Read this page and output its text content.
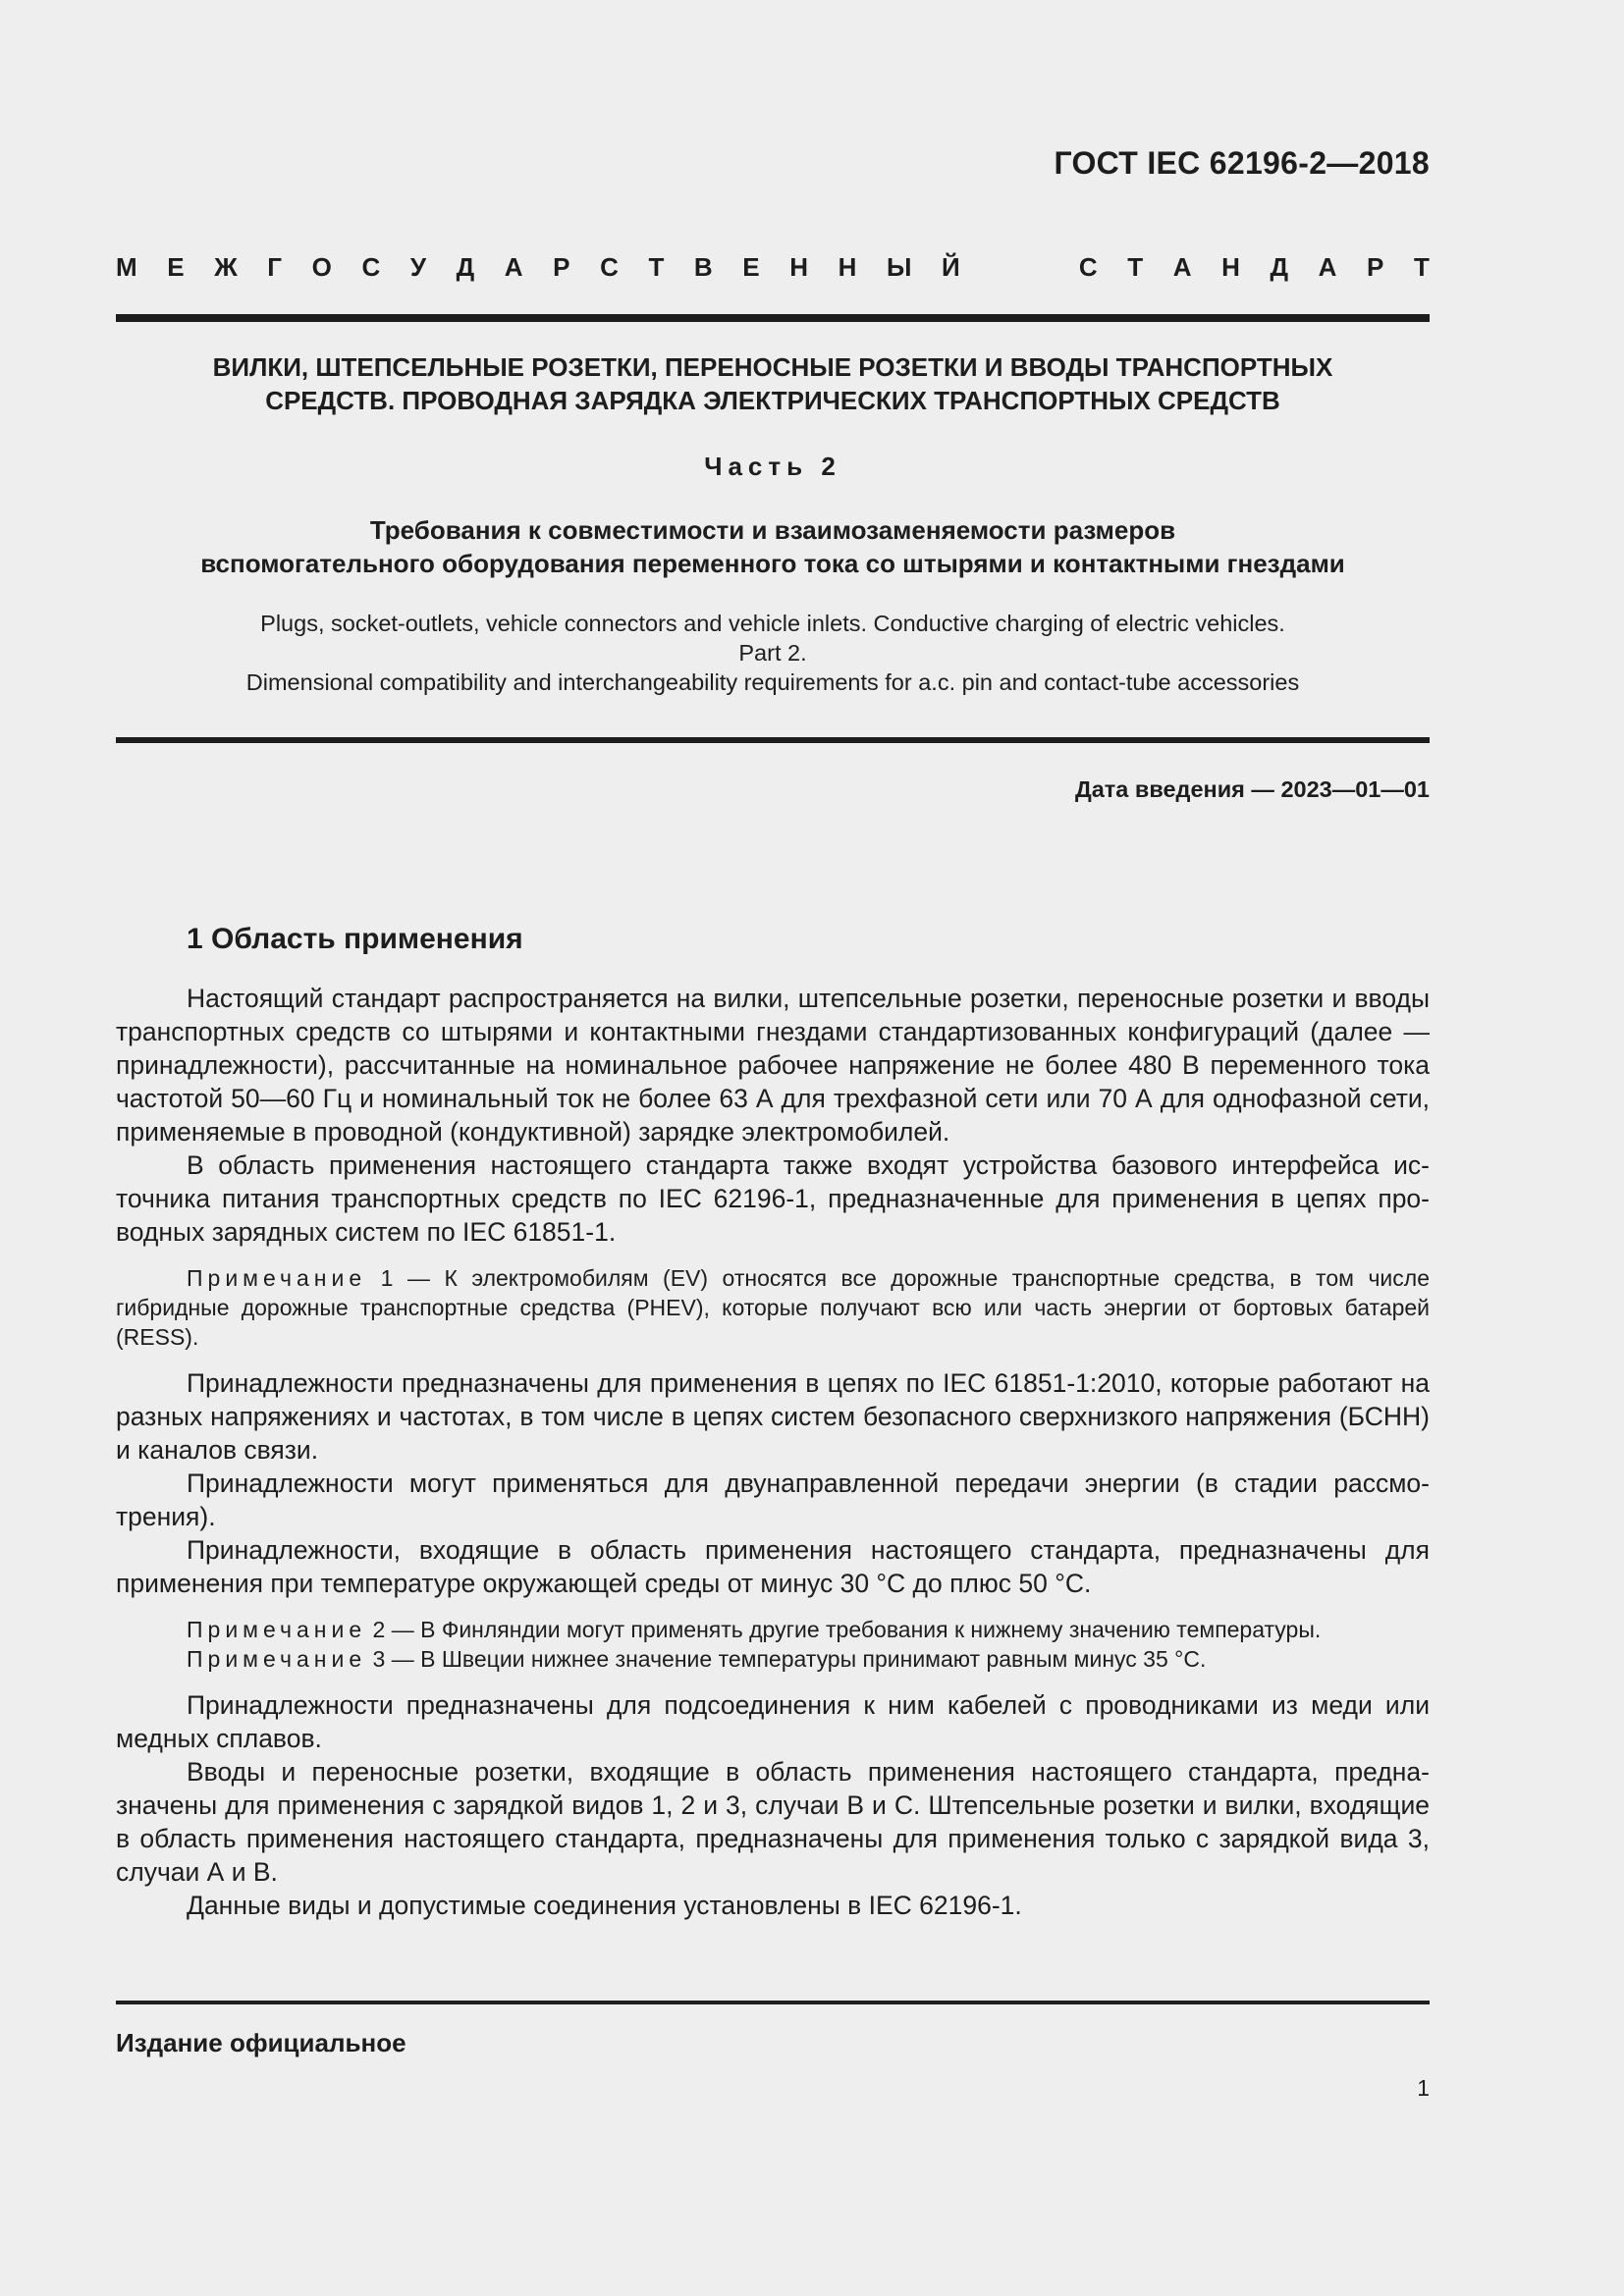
ГОСТ IEC 62196-2—2018
М Е Ж Г О С У Д А Р С Т В Е Н Н Ы Й	С Т А Н Д А Р Т
ВИЛКИ, ШТЕПСЕЛЬНЫЕ РОЗЕТКИ, ПЕРЕНОСНЫЕ РОЗЕТКИ И ВВОДЫ ТРАНСПОРТНЫХ
СРЕДСТВ. ПРОВОДНАЯ ЗАРЯДКА ЭЛЕКТРИЧЕСКИХ ТРАНСПОРТНЫХ СРЕДСТВ
Часть 2
Требования к совместимости и взаимозаменяемости размеров
вспомогательного оборудования переменного тока со штырями и контактными гнездами
Plugs, socket-outlets, vehicle connectors and vehicle inlets. Conductive charging of electric vehicles.
Part 2.
Dimensional compatibility and interchangeability requirements for a.c. pin and contact-tube accessories
Дата введения — 2023—01—01
1 Область применения

Настоящий стандарт распространяется на вилки, штепсельные розетки, переносные розетки и вводы транспортных средств со штырями и контактными гнездами стандартизованных конфигураций (далее — принадлежности), рассчитанные на номинальное рабочее напряжение не более 480 В переменного тока частотой 50—60 Гц и номинальный ток не более 63 А для трехфазной сети или 70 А для однофазной сети, применяемые в проводной (кондуктивной) зарядке электромобилей.

В область применения настоящего стандарта также входят устройства базового интерфейса источника питания транспортных средств по IEC 62196-1, предназначенные для применения в цепях проводных зарядных систем по IEC 61851-1.

Примечание 1 — К электромобилям (EV) относятся все дорожные транспортные средства, в том числе гибридные дорожные транспортные средства (PHEV), которые получают всю или часть энергии от бортовых батарей (RESS).

Принадлежности предназначены для применения в цепях по IEC 61851-1:2010, которые работают на разных напряжениях и частотах, в том числе в цепях систем безопасного сверхнизкого напряжения (БСНН) и каналов связи.

Принадлежности могут применяться для двунаправленной передачи энергии (в стадии рассмотрения).

Принадлежности, входящие в область применения настоящего стандарта, предназначены для применения при температуре окружающей среды от минус 30 °С до плюс 50 °С.

Примечание 2 — В Финляндии могут применять другие требования к нижнему значению температуры.

Примечание 3 — В Швеции нижнее значение температуры принимают равным минус 35 °С.

Принадлежности предназначены для подсоединения к ним кабелей с проводниками из меди или медных сплавов.

Вводы и переносные розетки, входящие в область применения настоящего стандарта, предназначены для применения с зарядкой видов 1, 2 и 3, случаи В и С. Штепсельные розетки и вилки, входящие в область применения настоящего стандарта, предназначены для применения только с зарядкой вида 3, случаи А и В.

Данные виды и допустимые соединения установлены в IEC 62196-1.

Издание официальное
1
